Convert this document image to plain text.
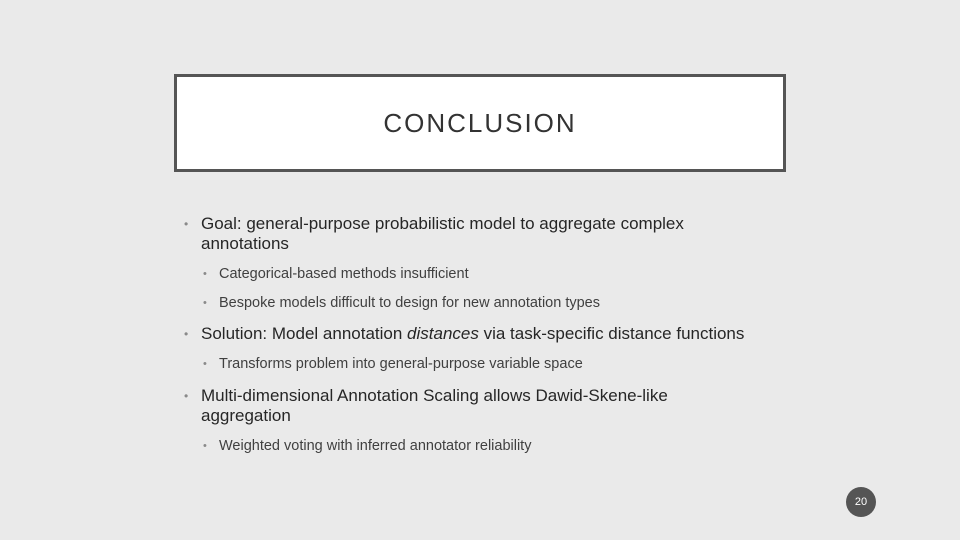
CONCLUSION
• Goal: general-purpose probabilistic model to aggregate complex
annotations
• Categorical-based methods insufficient
• Bespoke models difficult to design for new annotation types
• Solution: Model annotation distances via task-specific distance functions
• Transforms problem into general-purpose variable space
• Multi-dimensional Annotation Scaling allows Dawid-Skene-like
aggregation
• Weighted voting with inferred annotator reliability
20
